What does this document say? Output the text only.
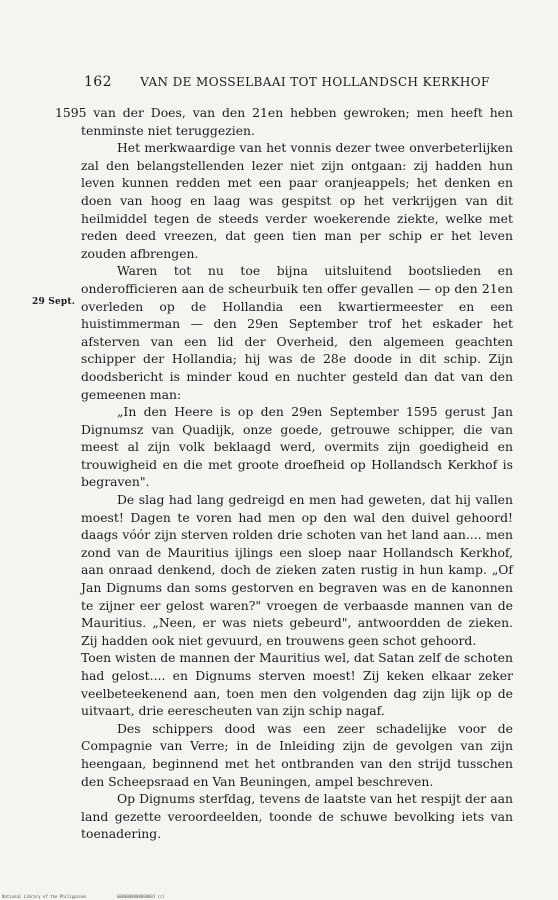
162 VAN DE MOSSELBAAI TOT HOLLANDSCH KERKHOF
29 Sept.

1595 van der Does, van den 21en hebben gewroken; men heeft hen tenminste niet teruggezien.

Het merkwaardige van het vonnis dezer twee onverbeterlijken zal den belangstellenden lezer niet zijn ontgaan: zij hadden hun leven kunnen redden met een paar oranjeappels; het denken en doen van hoog en laag was gespitst op het verkrijgen van dit heilmiddel tegen de steeds verder woekerende ziekte, welke met reden deed vreezen, dat geen tien man per schip er het leven zouden afbrengen.

Waren tot nu toe bijna uitsluitend bootslieden en onderofficieren aan de scheurbuik ten offer gevallen — op den 21en overleden op de Hollandia een kwartiermeester en een huistimmerman — den 29en September trof het eskader het afsterven van een lid der Overheid, den algemeen geachten schipper der Hollandia; hij was de 28e doode in dit schip. Zijn doodsbericht is minder koud en nuchter gesteld dan dat van den gemeenen man:

„In den Heere is op den 29en September 1595 gerust Jan Dignumsz van Quadijk, onze goede, getrouwe schipper, die van meest al zijn volk beklaagd werd, overmits zijn goedigheid en trouwigheid en die met groote droefheid op Hollandsch Kerkhof is begraven".

De slag had lang gedreigd en men had geweten, dat hij vallen moest! Dagen te voren had men op den wal den duivel gehoord! daags vóór zijn sterven rolden drie schoten van het land aan.... men zond van de Mauritius ijlings een sloep naar Hollandsch Kerkhof, aan onraad denkend, doch de zieken zaten rustig in hun kamp. „Of Jan Dignums dan soms gestorven en begraven was en de kanonnen te zijner eer gelost waren?" vroegen de verbaasde mannen van de Mauritius. „Neen, er was niets gebeurd", antwoordden de zieken. Zij hadden ook niet gevuurd, en trouwens geen schot gehoord.

Toen wisten de mannen der Mauritius wel, dat Satan zelf de schoten had gelost.... en Dignums sterven moest! Zij keken elkaar zeker veelbeteekenend aan, toen men den volgenden dag zijn lijk op de uitvaart, drie eerescheuten van zijn schip nagaf.

Des schippers dood was een zeer schadelijke voor de Compagnie van Verre; in de Inleiding zijn de gevolgen van zijn heengaan, beginnend met het ontbranden van den strijd tusschen den Scheepsraad en Van Beuningen, ampel beschreven.

Op Dignums sterfdag, tevens de laatste van het respijt der aan land gezette veroordeelden, toonde de schuwe bevolking iets van toenadering.

National Library of the Philippines	G000000000000001 (c)
